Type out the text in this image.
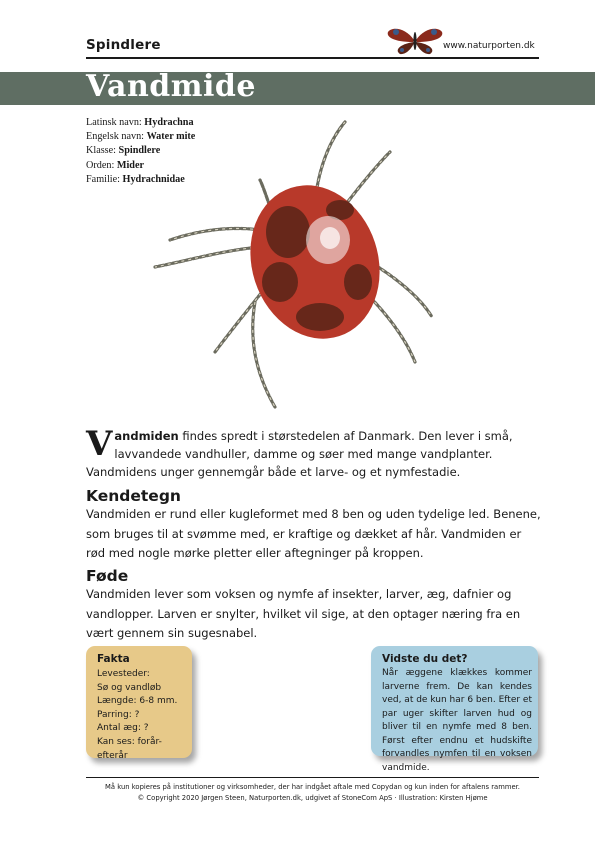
Spindlere	www.naturporten.dk
Vandmide
Latinsk navn: Hydrachna
Engelsk navn: Water mite
Klasse: Spindlere
Orden: Mider
Familie: Hydrachnidae
Vandmiden findes spredt i størstedelen af Danmark. Den lever i små, lavvandede vandhuller, damme og søer med mange vandplanter. Vandmidens unger gennemgår både et larve- og et nymfestadie.
Kendetegn
Vandmiden er rund eller kugleformet med 8 ben og uden tydelige led. Benene, som bruges til at svømme med, er kraftige og dækket af hår. Vandmiden er rød med nogle mørke pletter eller aftegninger på kroppen.
Føde
Vandmiden lever som voksen og nymfe af insekter, larver, æg, dafnier og vandlopper. Larven er snylter, hvilket vil sige, at den optager næring fra en vært gennem sin sugesnabel.
Fakta
Levesteder:
Sø og vandløb
Længde: 6-8 mm.
Parring: ?
Antal æg: ?
Kan ses: forår-efterår
Vidste du det?
Når æggene klækkes kommer larverne frem. De kan kendes ved, at de kun har 6 ben. Efter et par uger skifter larven hud og bliver til en nymfe med 8 ben. Først efter endnu et hudskifte forvandles nymfen til en voksen vandmide.
Må kun kopieres på institutioner og virksomheder, der har indgået aftale med Copydan og kun inden for aftalens rammer.
© Copyright 2020 Jørgen Steen, Naturporten.dk, udgivet af StoneCom ApS · Illustration: Kirsten Hjøme
